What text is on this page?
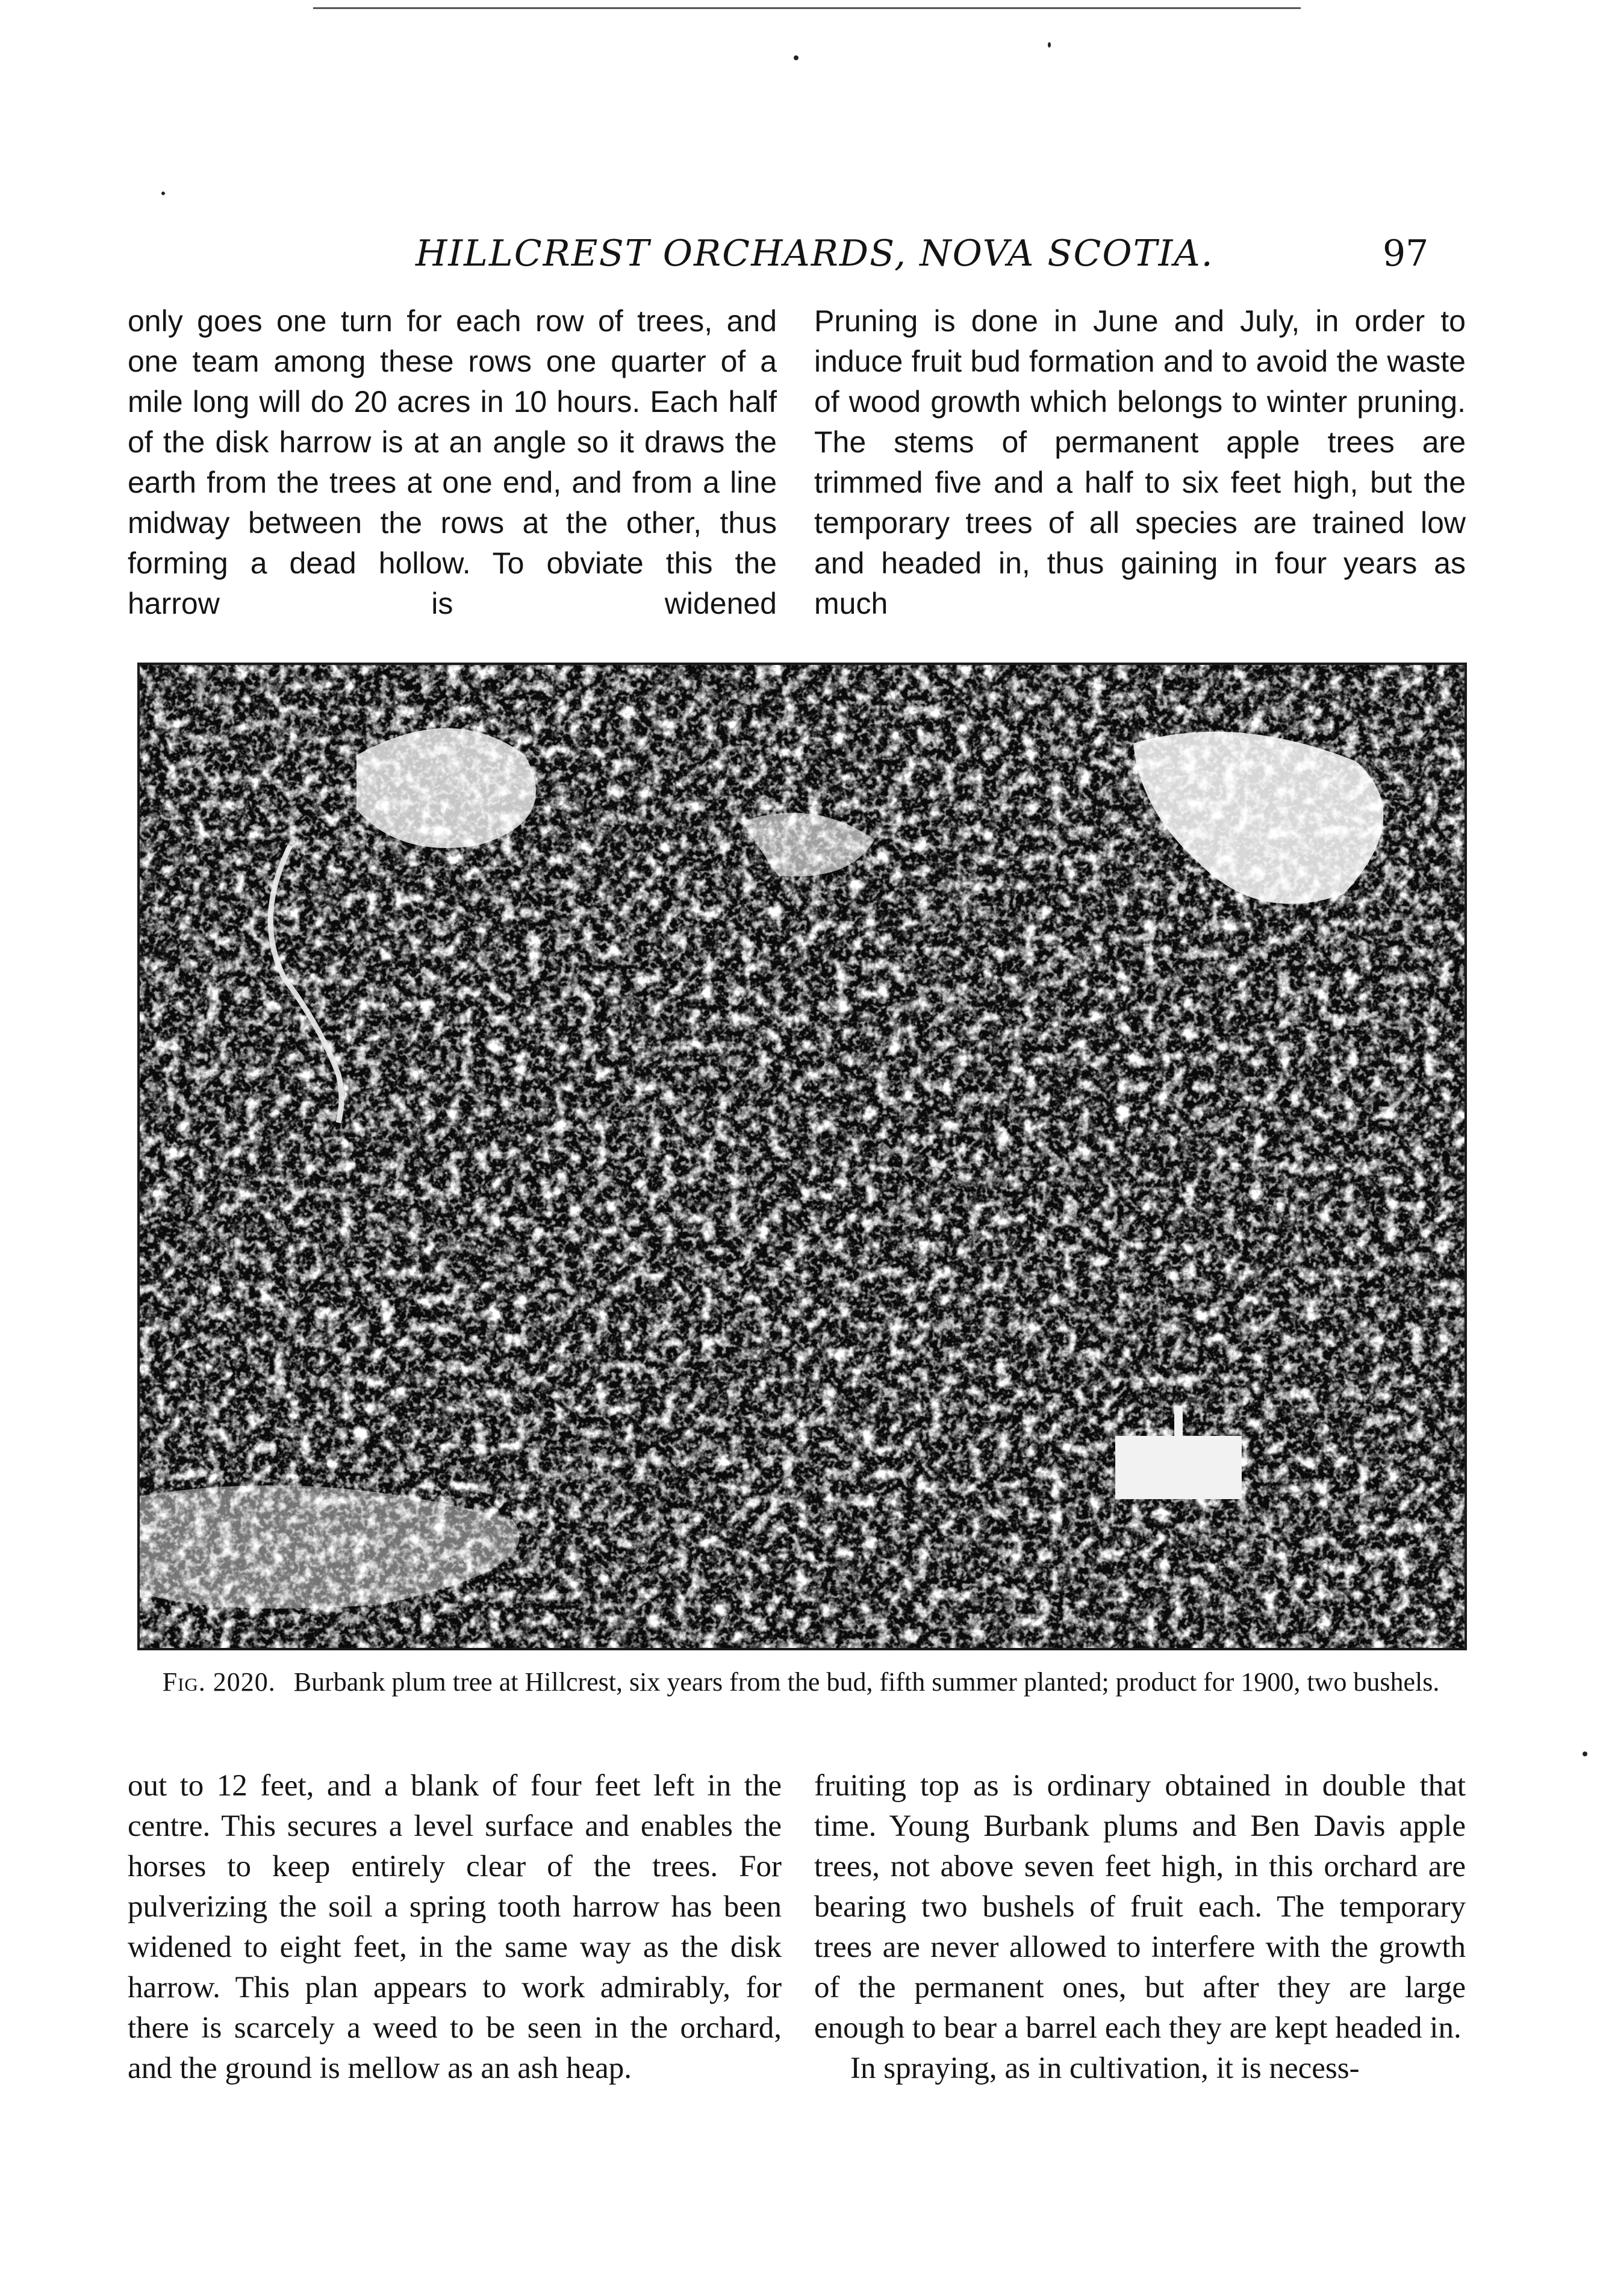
HILLCREST ORCHARDS, NOVA SCOTIA.	97

only goes one turn for each row of trees, and one team among these rows one quarter of a mile long will do 20 acres in 10 hours. Each half of the disk harrow is at an angle so it draws the earth from the trees at one end, and from a line midway between the rows at the other, thus forming a dead hollow. To obviate this the harrow is widened

Pruning is done in June and July, in order to induce fruit bud formation and to avoid the waste of wood growth which belongs to winter pruning. The stems of permanent apple trees are trimmed five and a half to six feet high, but the temporary trees of all species are trained low and headed in, thus gaining in four years as much

Fig. 2020. Burbank plum tree at Hillcrest, six years from the bud, fifth summer planted; product for 1900, two bushels.

out to 12 feet, and a blank of four feet left in the centre. This secures a level surface and enables the horses to keep entirely clear of the trees. For pulverizing the soil a spring tooth harrow has been widened to eight feet, in the same way as the disk harrow. This plan appears to work admirably, for there is scarcely a weed to be seen in the orchard, and the ground is mellow as an ash heap.

fruiting top as is ordinary obtained in double that time. Young Burbank plums and Ben Davis apple trees, not above seven feet high, in this orchard are bearing two bushels of fruit each. The temporary trees are never allowed to interfere with the growth of the permanent ones, but after they are large enough to bear a barrel each they are kept headed in.

In spraying, as in cultivation, it is necess-
